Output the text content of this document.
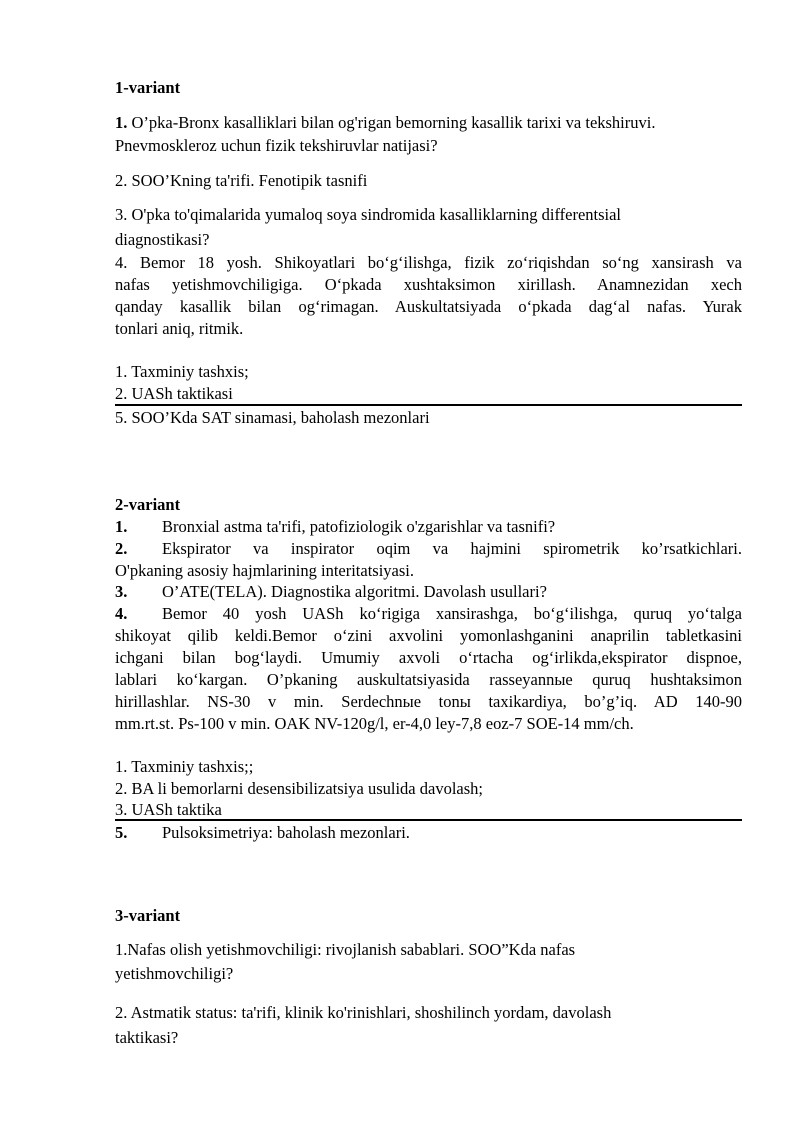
1-variant
1. O’pka-Bronx kasalliklari bilan og'rigan bemorning kasallik tarixi va tekshiruvi.
Pnevmoskleroz uchun fizik tekshiruvlar natijasi?
2. SOO’Kning ta'rifi. Fenotipik tasnifi
3. O'pka to'qimalarida yumaloq soya sindromida kasalliklarning differentsial
diagnostikasi?
4. Bemor 18 yosh. Shikoyatlari bo‘g‘ilishga, fizik zo‘riqishdan so‘ng xansirash va
nafas yetishmovchiligiga. O‘pkada xushtaksimon xirillash. Anamnezidan xech
qanday kasallik bilan og‘rimagan. Auskultatsiyada o‘pkada dag‘al nafas. Yurak
tonlari aniq, ritmik.
1. Taxminiy tashxis;
2. UASh taktikasi
5. SOO’Kda SAT sinamasi, baholash mezonlari
2-variant
1. Bronxial astma ta'rifi, patofiziologik o'zgarishlar va tasnifi?
2.	Ekspirator va inspirator oqim va hajmini spirometrik ko’rsatkichlari.
O'pkaning asosiy hajmlarining interitatsiyasi.
3. O’ATE(TELA). Diagnostika algoritmi. Davolash usullari?
4.	Bemor 40 yosh UASh ko‘rigiga xansirashga, bo‘g‘ilishga, quruq yo‘talga
shikoyat qilib keldi.Bemor o‘zini axvolini yomonlashganini anaprilin tabletkasini
ichgani bilan bog‘laydi. Umumiy axvoli o‘rtacha og‘irlikda,ekspirator dispnoe,
lablari ko‘kargan. O’pkaning auskultatsiyasida rasseyannыe quruq hushtaksimon
hirillashlar. NS-30 v min. Serdechnыe tonы taxikardiya, bo’g’iq. AD 140-90
mm.rt.st. Ps-100 v min. OAK NV-120g/l, er-4,0 ley-7,8 eoz-7 SOE-14 mm/ch.
1. Taxminiy tashxis;;
2. BA li bemorlarni desensibilizatsiya usulida davolash;
3. UASh taktika
5. Pulsoksimetriya: baholash mezonlari.
3-variant
1.Nafas olish yetishmovchiligi: rivojlanish sabablari. SOO”Kda nafas
yetishmovchiligi?
2. Astmatik status: ta'rifi, klinik ko'rinishlari, shoshilinch yordam, davolash
taktikasi?
